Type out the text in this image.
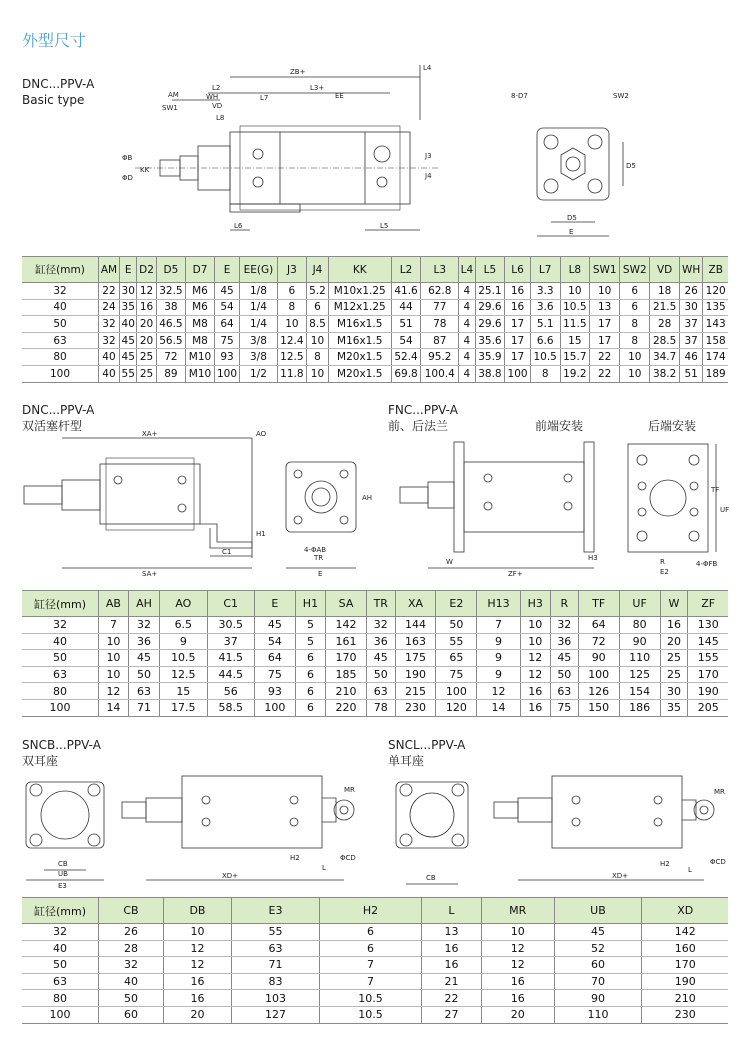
外型尺寸
DNC...PPV-A
Basic type
ZB+	L4
L2	L3+
AM	WH
SW1	VD
EE
L7
L8
ΦB
ΦD
KK
J3
J4
L6	L5
8-D7	SW2
D5
D5
E
缸径(mm)	AM	E	D2	D5	D7	E	EE(G)	J3	J4	KK	L2	L3	L4	L5	L6	L7	L8	SW1	SW2	VD	WH	ZB
32	22	30	12	32.5	M6	45	1/8	6	5.2	M10x1.25	41.6	62.8	4	25.1	16	3.3	10	10	6	18	26	120
40	24	35	16	38	M6	54	1/4	8	6	M12x1.25	44	77	4	29.6	16	3.6	10.5	13	6	21.5	30	135
50	32	40	20	46.5	M8	64	1/4	10	8.5	M16x1.5	51	78	4	29.6	17	5.1	11.5	17	8	28	37	143
63	32	45	20	56.5	M8	75	3/8	12.4	10	M16x1.5	54	87	4	35.6	17	6.6	15	17	8	28.5	37	158
80	40	45	25	72	M10	93	3/8	12.5	8	M20x1.5	52.4	95.2	4	35.9	17	10.5	15.7	22	10	34.7	46	174
100	40	55	25	89	M10	100	1/2	11.8	10	M20x1.5	69.8	100.4	4	38.8	100	8	19.2	22	10	38.2	51	189
DNC...PPV-A
双活塞杆型
FNC...PPV-A
前、后法兰	前端安装	后端安装
XA+	AO
H1
C1
SA+
4-ΦAB
TR
E
AH
W
ZF+
H3
TF
UF
R
E2
4-ΦFB
缸径(mm)	AB	AH	AO	C1	E	H1	SA	TR	XA	E2	H13	H3	R	TF	UF	W	ZF
32	7	32	6.5	30.5	45	5	142	32	144	50	7	10	32	64	80	16	130
40	10	36	9	37	54	5	161	36	163	55	9	10	36	72	90	20	145
50	10	45	10.5	41.5	64	6	170	45	175	65	9	12	45	90	110	25	155
63	10	50	12.5	44.5	75	6	185	50	190	75	9	12	50	100	125	25	170
80	12	63	15	56	93	6	210	63	215	100	12	16	63	126	154	30	190
100	14	71	17.5	58.5	100	6	220	78	230	120	14	16	75	150	186	35	205
SNCB...PPV-A
双耳座
SNCL...PPV-A
单耳座
CB
UB
E3
XD+
H2
L
ΦCD
MR
CB	XD+
H2
L
ΦCD
MR
缸径(mm)	CB	DB	E3	H2	L	MR	UB	XD
32	26	10	55	6	13	10	45	142
40	28	12	63	6	16	12	52	160
50	32	12	71	7	16	12	60	170
63	40	16	83	7	21	16	70	190
80	50	16	103	10.5	22	16	90	210
100	60	20	127	10.5	27	20	110	230
